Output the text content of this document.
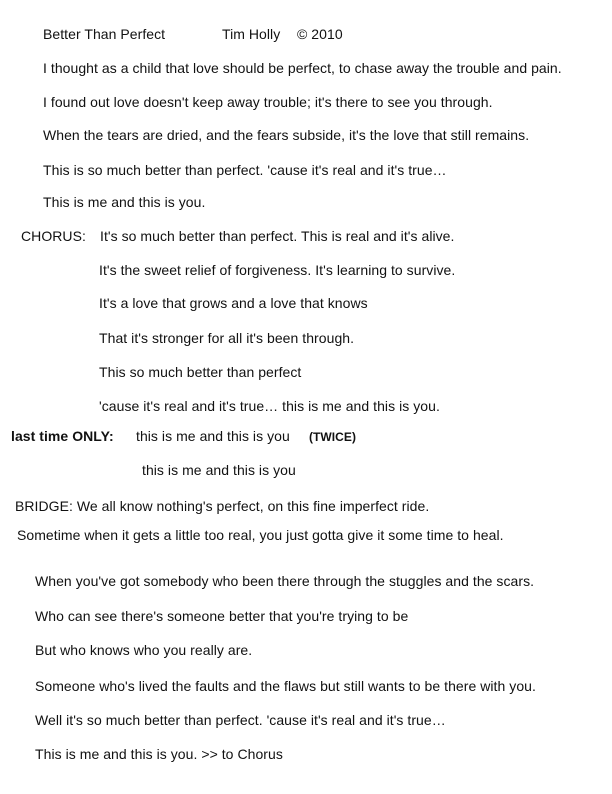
Better Than Perfect	Tim Holly © 2010
I thought as a child that love should be perfect, to chase away the trouble and pain.
I found out love doesn't keep away trouble; it's there to see you through.
When the tears are dried, and the fears subside, it's the love that still remains.
This is so much better than perfect. 'cause it's real and it's true…
This is me and this is you.
CHORUS: It's so much better than perfect. This is real and it's alive.
It's the sweet relief of forgiveness. It's learning to survive.
It's a love that grows and a love that knows
That it's stronger for all it's been through.
This so much better than perfect
'cause it's real and it's true… this is me and this is you.
last time ONLY: this is me and this is you (TWICE)
this is me and this is you
BRIDGE: We all know nothing's perfect, on this fine imperfect ride.
Sometime when it gets a little too real, you just gotta give it some time to heal.
When you've got somebody who been there through the stuggles and the scars.
Who can see there's someone better that you're trying to be
But who knows who you really are.
Someone who's lived the faults and the flaws but still wants to be there with you.
Well it's so much better than perfect. 'cause it's real and it's true…
This is me and this is you. >> to Chorus
